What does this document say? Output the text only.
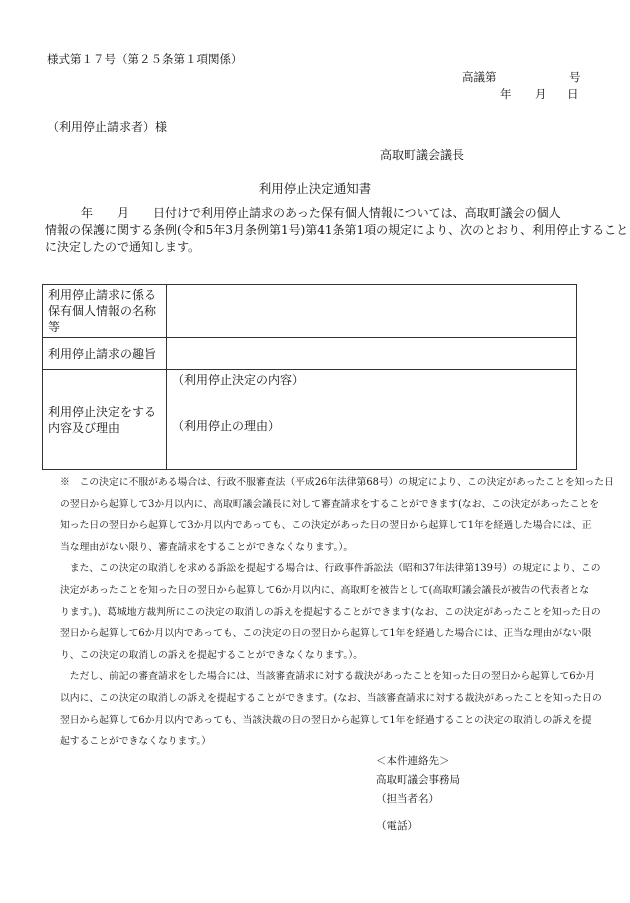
様式第１７号（第２５条第１項関係）
高議第	号
年 月 日
（利用停止請求者）様
高取町議会議長
利用停止決定通知書
　　　年　　月　　日付けで利用停止請求のあった保有個人情報については、高取町議会の個人
情報の保護に関する条例(令和5年3月条例第1号)第41条第1項の規定により、次のとおり、利用停止すること
に決定したので通知します。
利用停止請求に係る保有個人情報の名称等	
利用停止請求の趣旨	
利用停止決定をする内容及び理由	（利用停止決定の内容）
（利用停止の理由）
※　この決定に不服がある場合は、行政不服審査法（平成26年法律第68号）の規定により、この決定があったことを知った日
の翌日から起算して3か月以内に、高取町議会議長に対して審査請求をすることができます(なお、この決定があったことを
知った日の翌日から起算して3か月以内であっても、この決定があった日の翌日から起算して1年を経過した場合には、正
当な理由がない限り、審査請求をすることができなくなります。）。
　また、この決定の取消しを求める訴訟を提起する場合は、行政事件訴訟法（昭和37年法律第139号）の規定により、この
決定があったことを知った日の翌日から起算して6か月以内に、高取町を被告として(高取町議会議長が被告の代表者とな
ります。)、葛城地方裁判所にこの決定の取消しの訴えを提起することができます(なお、この決定があったことを知った日の
翌日から起算して6か月以内であっても、この決定の日の翌日から起算して1年を経過した場合には、正当な理由がない限
り、この決定の取消しの訴えを提起することができなくなります。）。
　ただし、前記の審査請求をした場合には、当該審査請求に対する裁決があったことを知った日の翌日から起算して6か月
以内に、この決定の取消しの訴えを提起することができます。(なお、当該審査請求に対する裁決があったことを知った日の
翌日から起算して6か月以内であっても、当該決裁の日の翌日から起算して1年を経過することの決定の取消しの訴えを提
起することができなくなります。）
＜本件連絡先＞
高取町議会事務局
（担当者名）
（電話）
